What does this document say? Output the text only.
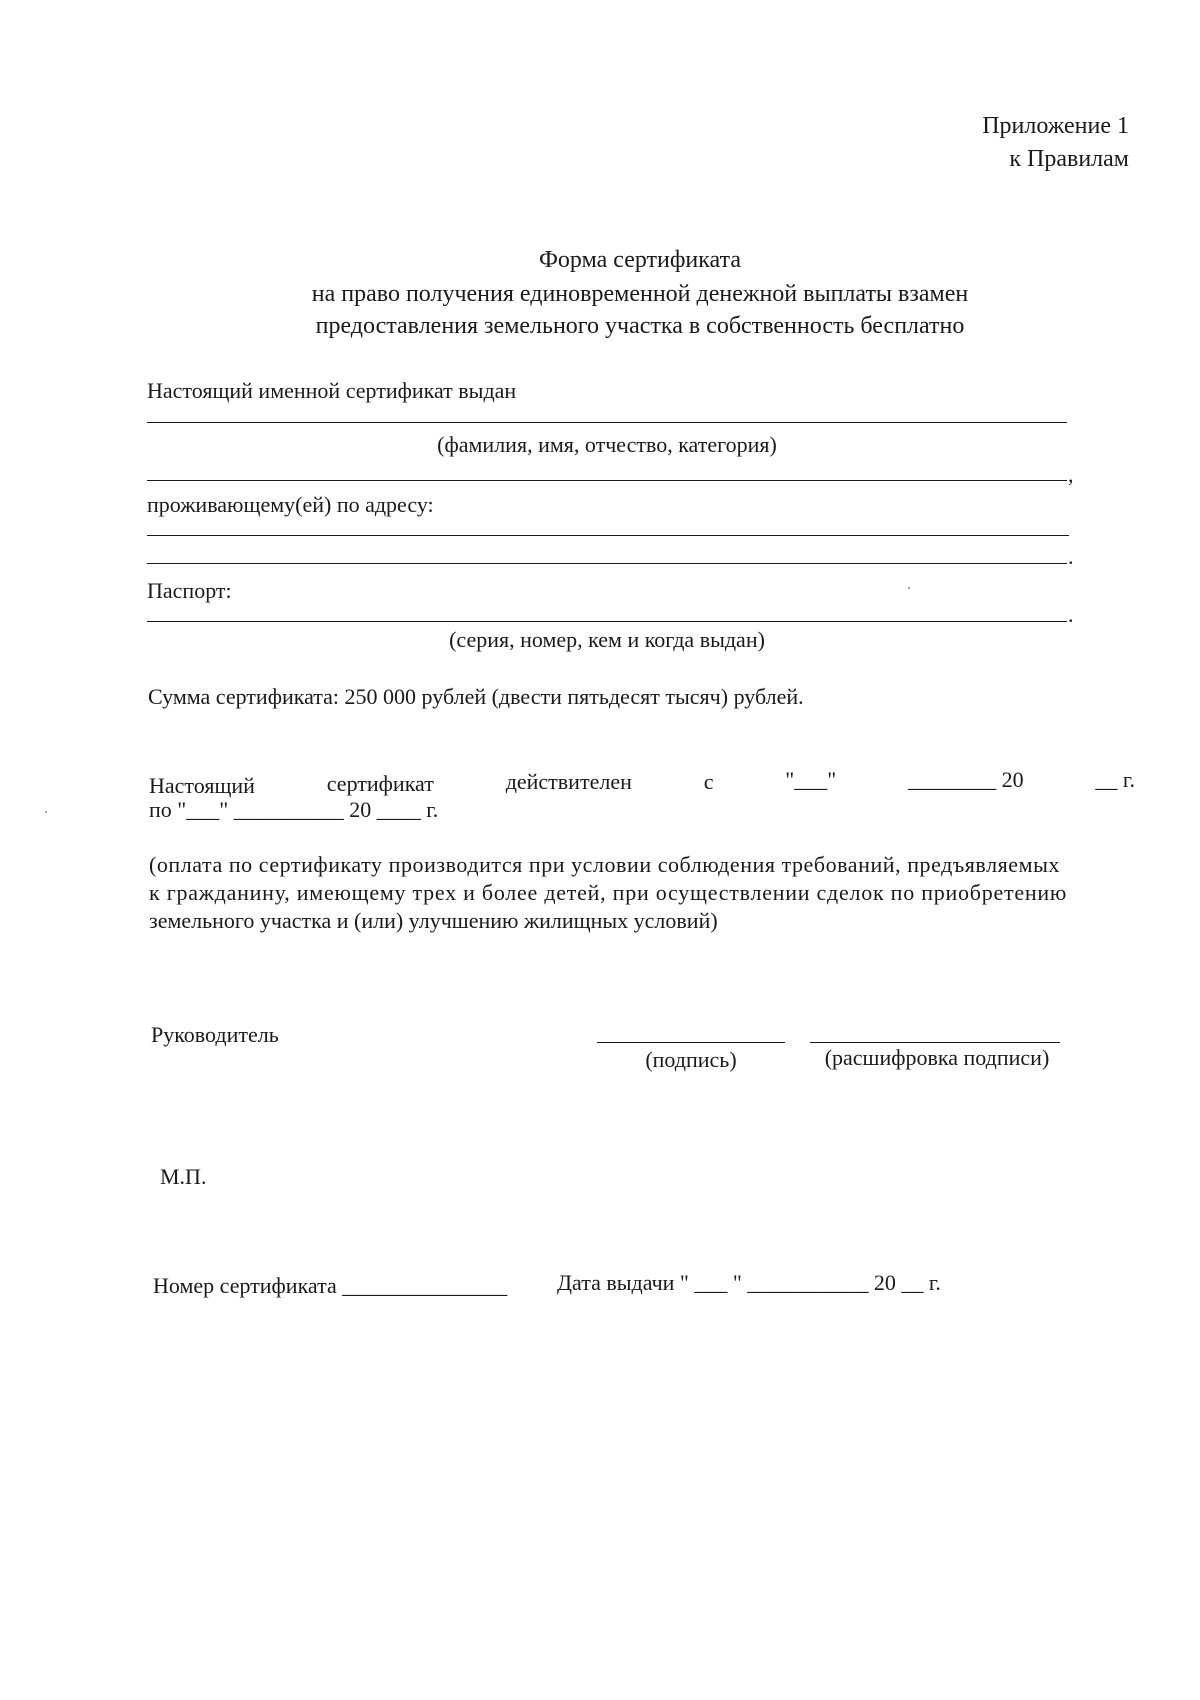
Приложение 1
к Правилам
Форма сертификата
на право получения единовременной денежной выплаты взамен
предоставления земельного участка в собственность бесплатно
Настоящий именной сертификат выдан
(фамилия, имя, отчество, категория)
,
проживающему(ей) по адресу:
.
Паспорт:
.
(серия, номер, кем и когда выдан)
Сумма сертификата: 250 000 рублей (двести пятьдесят тысяч) рублей.
Настоящий	сертификат	действителен	с	"___"	________ 20	__ г.
по "___" __________ 20 ____ г.
(оплата по сертификату производится при условии соблюдения требований, предъявляемых
к гражданину, имеющему трех и более детей, при осуществлении сделок по приобретению
земельного участка и (или) улучшению жилищных условий)
Руководитель
(подпись)	(расшифровка подписи)
М.П.
Номер сертификата _______________ Дата выдачи " ___ " ___________ 20 __ г.
